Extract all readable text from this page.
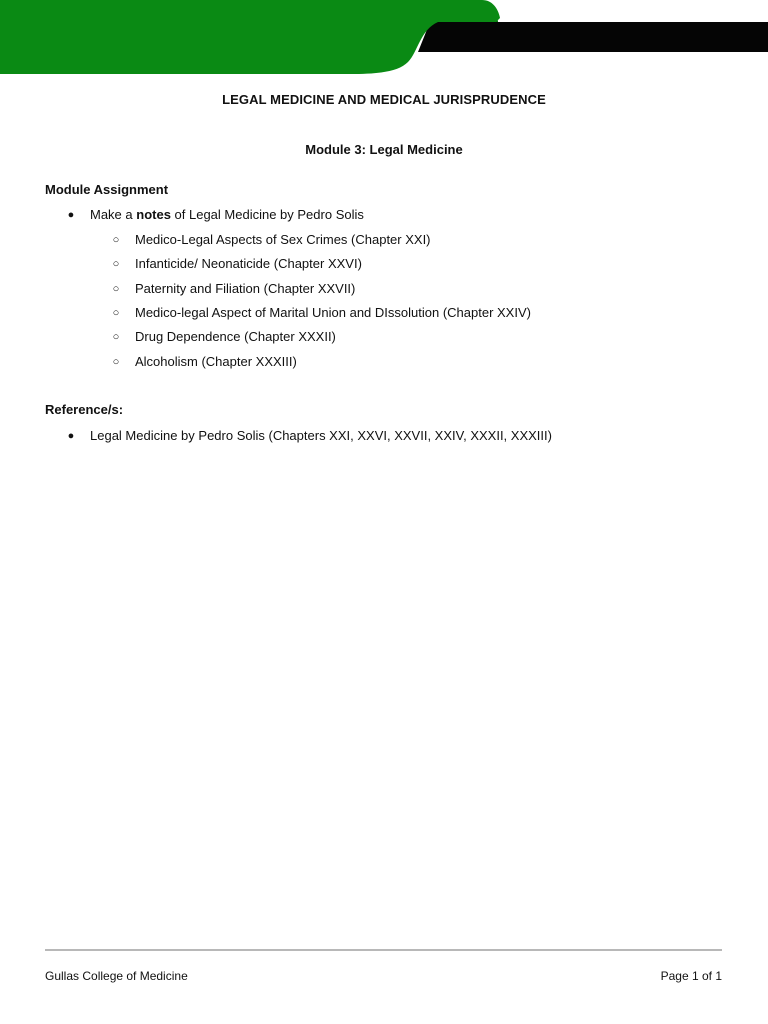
LEGAL MEDICINE AND MEDICAL JURISPRUDENCE
Module 3: Legal Medicine
Module Assignment
● Make a notes of Legal Medicine by Pedro Solis
○ Medico-Legal Aspects of Sex Crimes (Chapter XXI)
○ Infanticide/ Neonaticide (Chapter XXVI)
○ Paternity and Filiation (Chapter XXVII)
○ Medico-legal Aspect of Marital Union and DIssolution (Chapter XXIV)
○ Drug Dependence (Chapter XXXII)
○ Alcoholism (Chapter XXXIII)
Reference/s:
● Legal Medicine by Pedro Solis (Chapters XXI, XXVI, XXVII, XXIV, XXXII, XXXIII)
Gullas College of Medicine	Page 1 of 1
